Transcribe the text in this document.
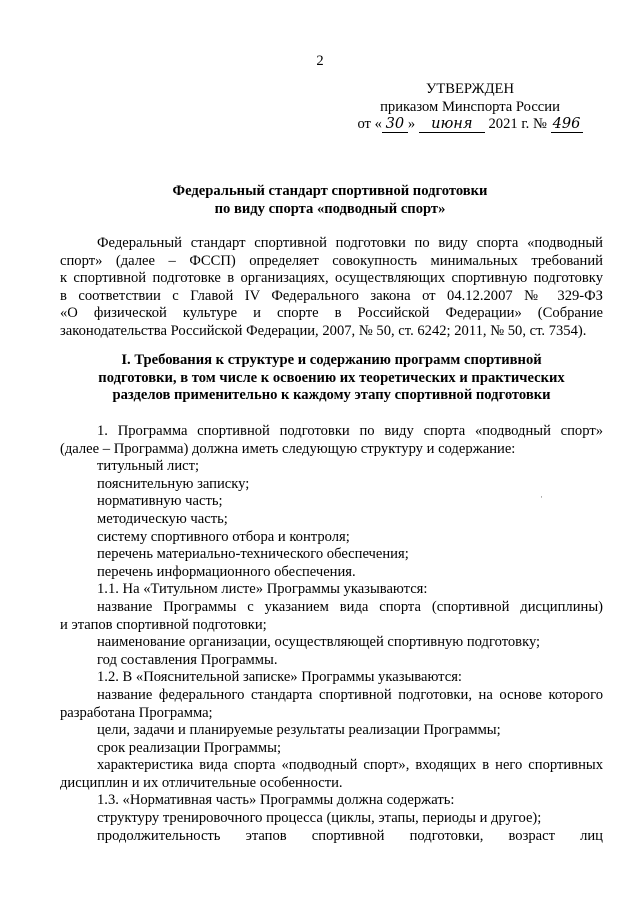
2
УТВЕРЖДЕН
приказом Минспорта России
от « 30 » июня 2021 г. № 496
Федеральный стандарт спортивной подготовки
по виду спорта «подводный спорт»

Федеральный стандарт спортивной подготовки по виду спорта «подводный

спорт» (далее – ФССП) определяет совокупность минимальных требований

к спортивной подготовке в организациях, осуществляющих спортивную подготовку

в соответствии с Главой IV Федерального закона от 04.12.2007 № 329-ФЗ

«О физической культуре и спорте в Российской Федерации» (Собрание

законодательства Российской Федерации, 2007, № 50, ст. 6242; 2011, № 50, ст. 7354).

I. Требования к структуре и содержанию программ спортивной
подготовки, в том числе к освоению их теоретических и практических
разделов применительно к каждому этапу спортивной подготовки

1. Программа спортивной подготовки по виду спорта «подводный спорт»

(далее – Программа) должна иметь следующую структуру и содержание:

титульный лист;

пояснительную записку;

нормативную часть;

методическую часть;

систему спортивного отбора и контроля;

перечень материально-технического обеспечения;

перечень информационного обеспечения.

1.1. На «Титульном листе» Программы указываются:

название Программы с указанием вида спорта (спортивной дисциплины)

и этапов спортивной подготовки;

наименование организации, осуществляющей спортивную подготовку;

год составления Программы.

1.2. В «Пояснительной записке» Программы указываются:

название федерального стандарта спортивной подготовки, на основе которого

разработана Программа;

цели, задачи и планируемые результаты реализации Программы;

срок реализации Программы;

характеристика вида спорта «подводный спорт», входящих в него спортивных

дисциплин и их отличительные особенности.

1.3. «Нормативная часть» Программы должна содержать:

структуру тренировочного процесса (циклы, этапы, периоды и другое);

продолжительность этапов спортивной подготовки, возраст лиц

·
